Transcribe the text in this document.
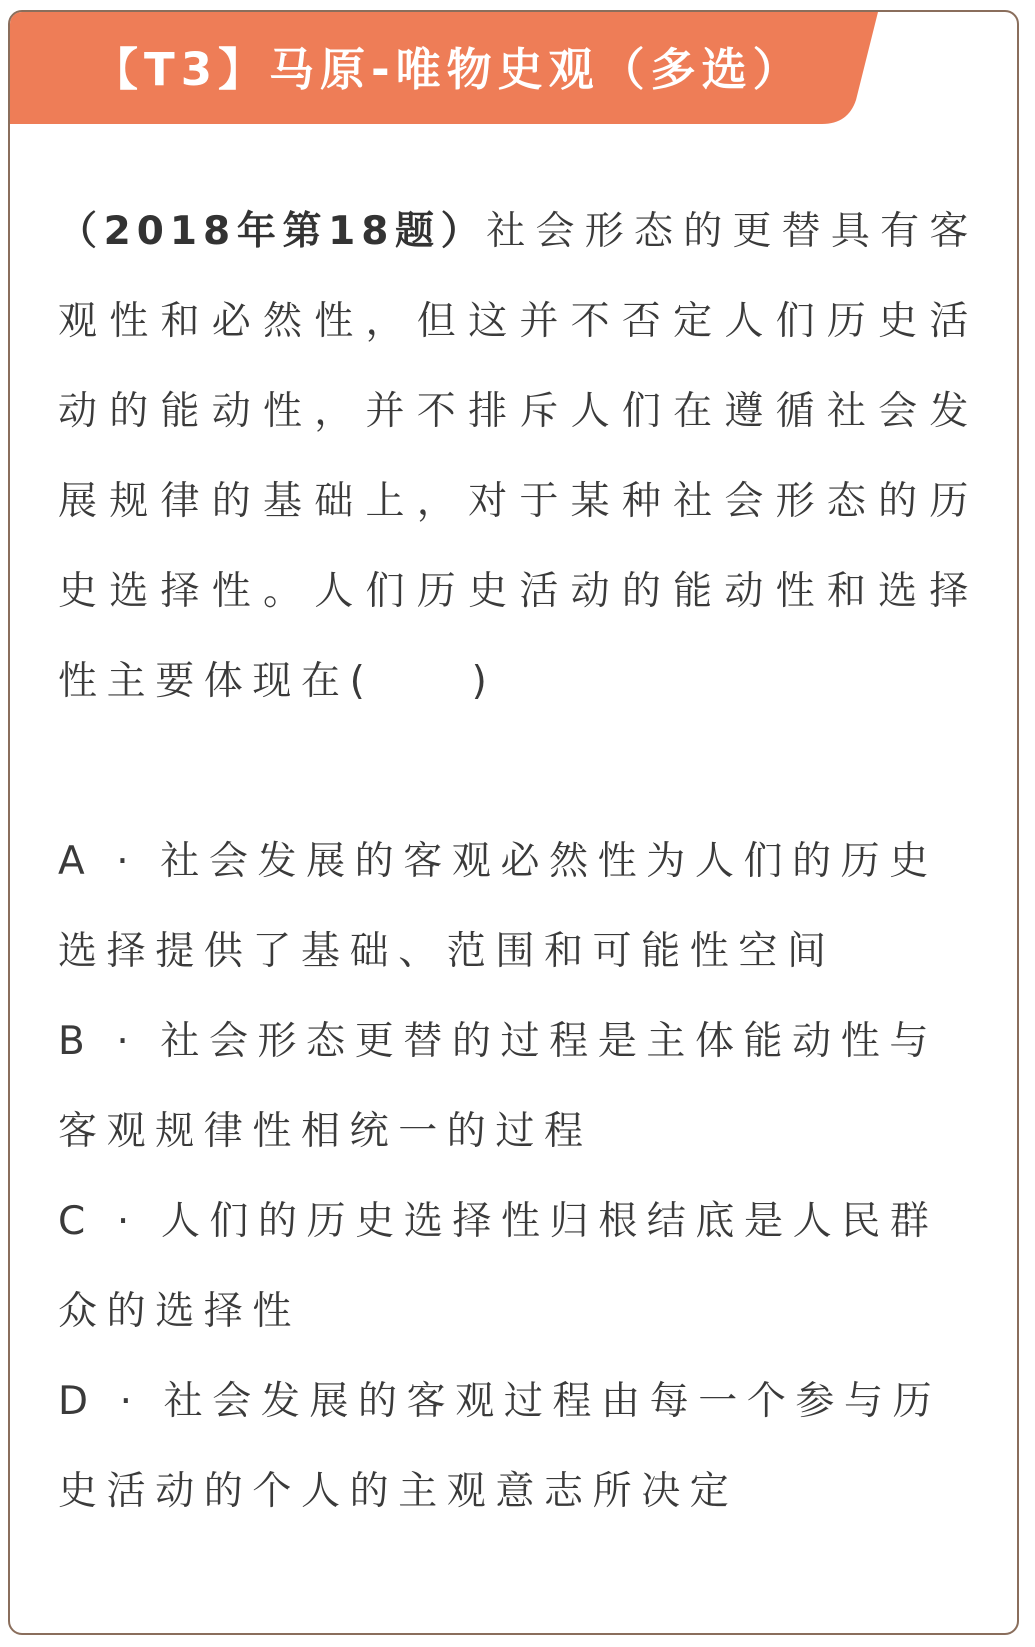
【T3】马原-唯物史观（多选）
（2018年第18题）社会形态的更替具有客观性和必然性，但这并不否定人们历史活动的能动性，并不排斥人们在遵循社会发展规律的基础上，对于某种社会形态的历史选择性。人们历史活动的能动性和选择性主要体现在(　　)
A · 社会发展的客观必然性为人们的历史选择提供了基础、范围和可能性空间
B · 社会形态更替的过程是主体能动性与客观规律性相统一的过程
C · 人们的历史选择性归根结底是人民群众的选择性
D · 社会发展的客观过程由每一个参与历史活动的个人的主观意志所决定
